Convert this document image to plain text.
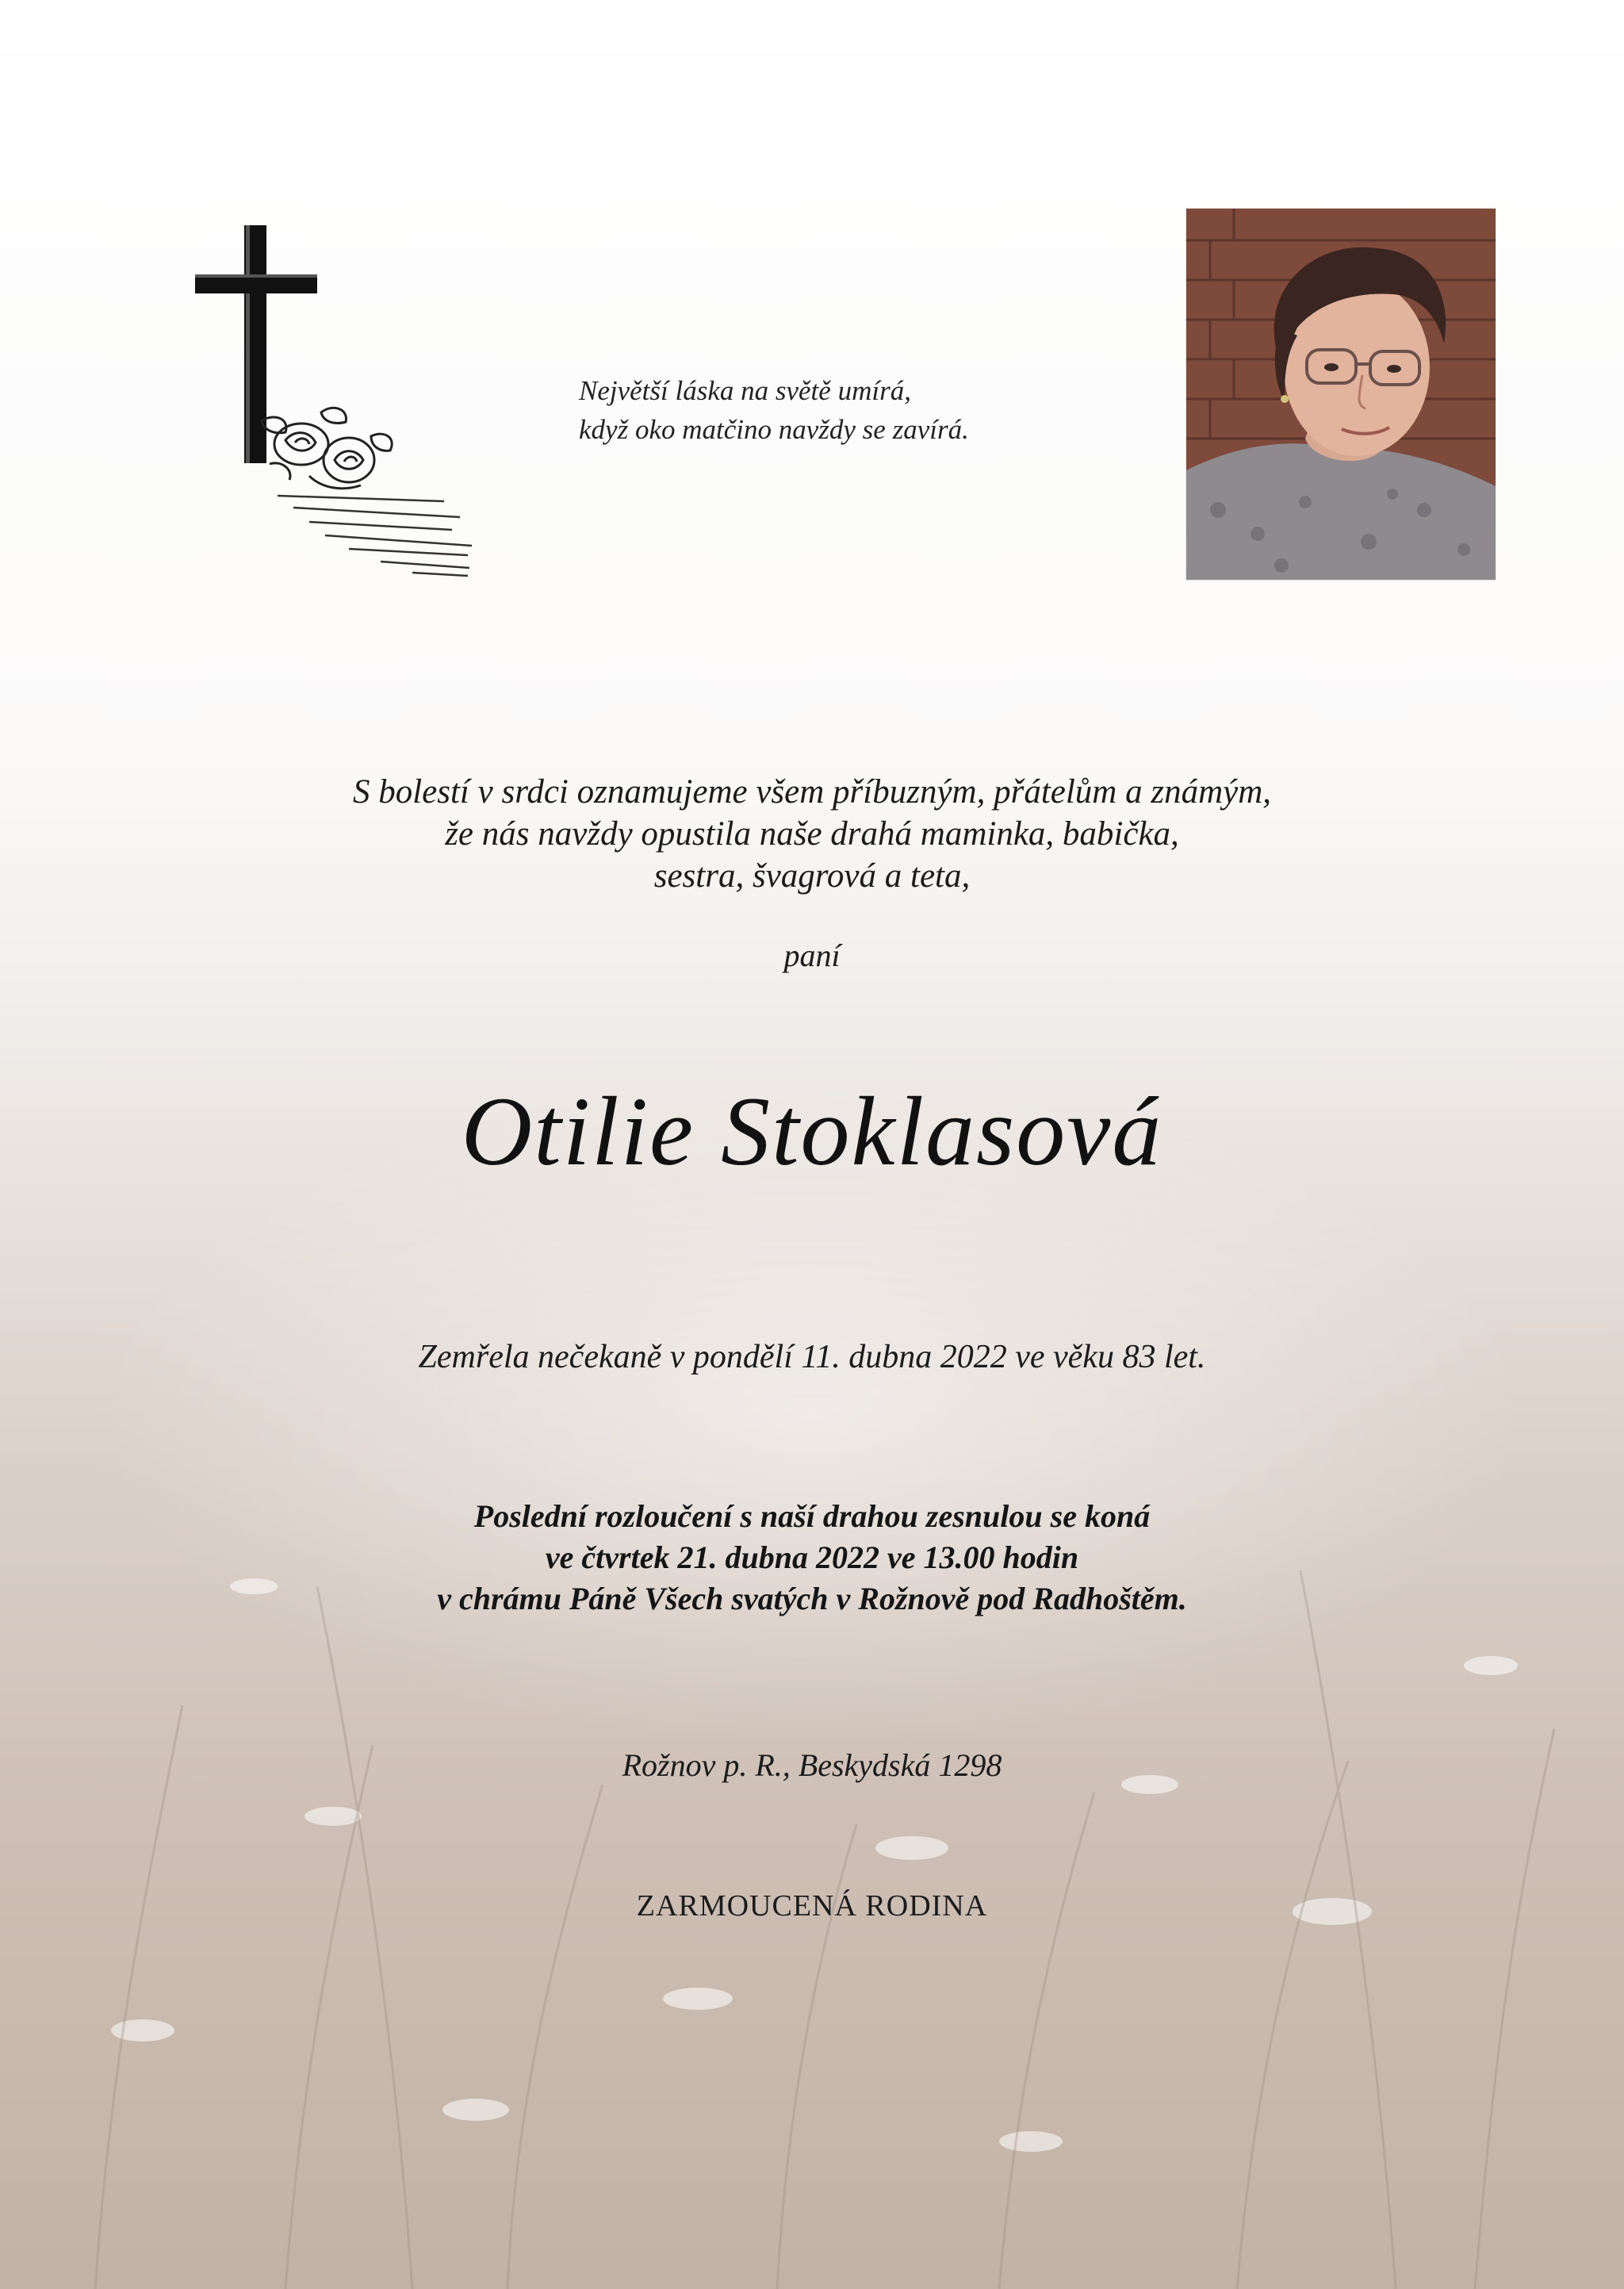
Největší láska na světě umírá,
když oko matčino navždy se zavírá.
S bolestí v srdci oznamujeme všem příbuzným, přátelům a známým,
že nás navždy opustila naše drahá maminka, babička,
sestra, švagrová a teta,
paní
Otilie Stoklasová
Zemřela nečekaně v pondělí 11. dubna 2022 ve věku 83 let.
Poslední rozloučení s naší drahou zesnulou se koná
ve čtvrtek 21. dubna 2022 ve 13.00 hodin
v chrámu Páně Všech svatých v Rožnově pod Radhoštěm.
Rožnov p. R., Beskydská 1298
ZARMOUCENÁ RODINA
